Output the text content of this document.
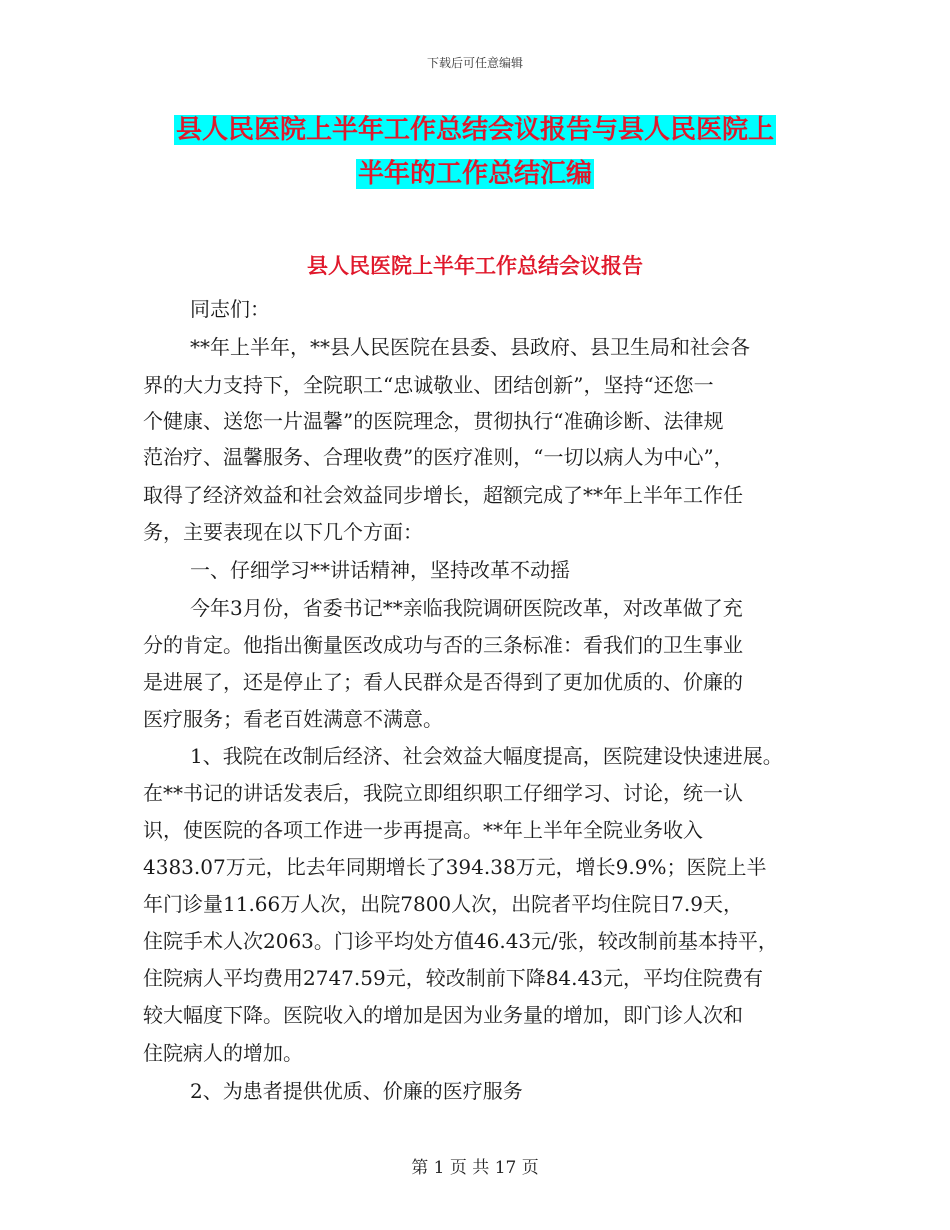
下载后可任意编辑
县人民医院上半年工作总结会议报告与县人民医院上
半年的工作总结汇编
县人民医院上半年工作总结会议报告
同志们：
**年上半年，**县人民医院在县委、县政府、县卫生局和社会各
界的大力支持下，全院职工“忠诚敬业、团结创新”，坚持“还您一
个健康、送您一片温馨”的医院理念，贯彻执行“准确诊断、法律规
范治疗、温馨服务、合理收费”的医疗准则，“一切以病人为中心”，
取得了经济效益和社会效益同步增长，超额完成了**年上半年工作任
务，主要表现在以下几个方面：
一、仔细学习**讲话精神，坚持改革不动摇
今年3月份，省委书记**亲临我院调研医院改革，对改革做了充
分的肯定。他指出衡量医改成功与否的三条标准：看我们的卫生事业
是进展了，还是停止了；看人民群众是否得到了更加优质的、价廉的
医疗服务；看老百姓满意不满意。
1、我院在改制后经济、社会效益大幅度提高，医院建设快速进展。
在**书记的讲话发表后，我院立即组织职工仔细学习、讨论，统一认
识，使医院的各项工作进一步再提高。**年上半年全院业务收入
4383.07万元，比去年同期增长了394.38万元，增长9.9%；医院上半
年门诊量11.66万人次，出院7800人次，出院者平均住院日7.9天，
住院手术人次2063。门诊平均处方值46.43元/张，较改制前基本持平，
住院病人平均费用2747.59元，较改制前下降84.43元，平均住院费有
较大幅度下降。医院收入的增加是因为业务量的增加，即门诊人次和
住院病人的增加。
2、为患者提供优质、价廉的医疗服务
第 1 页 共 17 页
